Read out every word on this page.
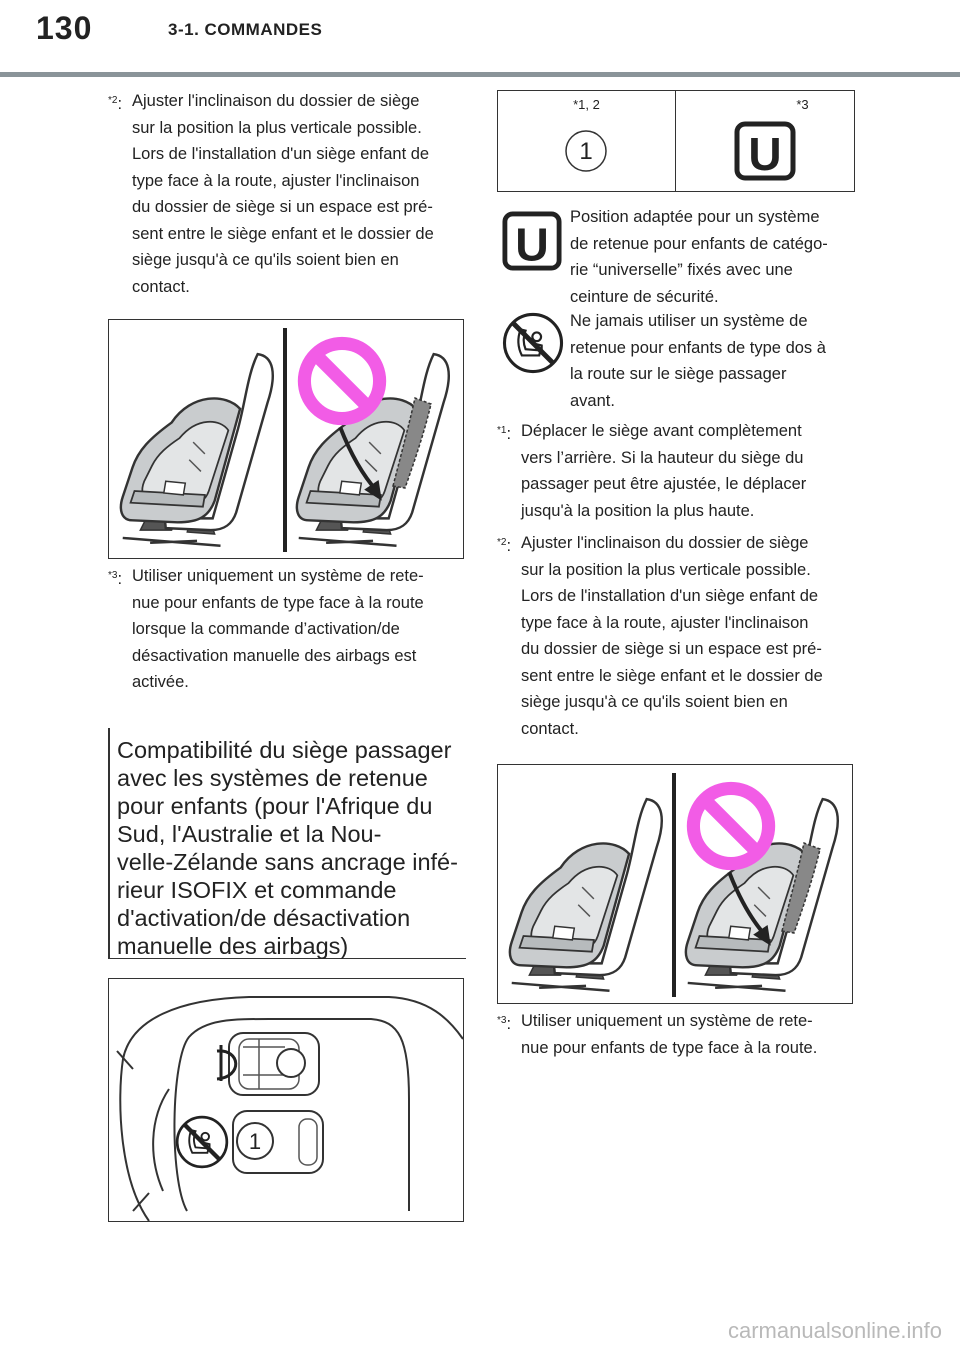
130	3-1. COMMANDES
$^{*2}$: Ajuster l'inclinaison du dossier de siège
sur la position la plus verticale possible.
Lors de l'installation d'un siège enfant de
type face à la route, ajuster l'inclinaison
du dossier de siège si un espace est pré-
sent entre le siège enfant et le dossier de
siège jusqu'à ce qu'ils soient bien en
contact.
$^{*3}$: Utiliser uniquement un système de rete-
nue pour enfants de type face à la route
lorsque la commande d’activation/de
désactivation manuelle des airbags est
activée.
Compatibilité du siège passager
avec les systèmes de retenue
pour enfants (pour l'Afrique du
Sud, l'Australie et la Nou-
velle-Zélande sans ancrage infé-
rieur ISOFIX et commande
d'activation/de désactivation
manuelle des airbags)
1
*1, 2
1
*3
U
U
Position adaptée pour un système
de retenue pour enfants de catégo-
rie “universelle” fixés avec une
ceinture de sécurité.
Ne jamais utiliser un système de
retenue pour enfants de type dos à
la route sur le siège passager
avant.
$^{*1}$: Déplacer le siège avant complètement
vers l’arrière. Si la hauteur du siège du
passager peut être ajustée, le déplacer
jusqu'à la position la plus haute.
$^{*2}$: Ajuster l'inclinaison du dossier de siège
sur la position la plus verticale possible.
Lors de l'installation d'un siège enfant de
type face à la route, ajuster l'inclinaison
du dossier de siège si un espace est pré-
sent entre le siège enfant et le dossier de
siège jusqu'à ce qu'ils soient bien en
contact.
$^{*3}$: Utiliser uniquement un système de rete-
nue pour enfants de type face à la route.
carmanualsonline.info
